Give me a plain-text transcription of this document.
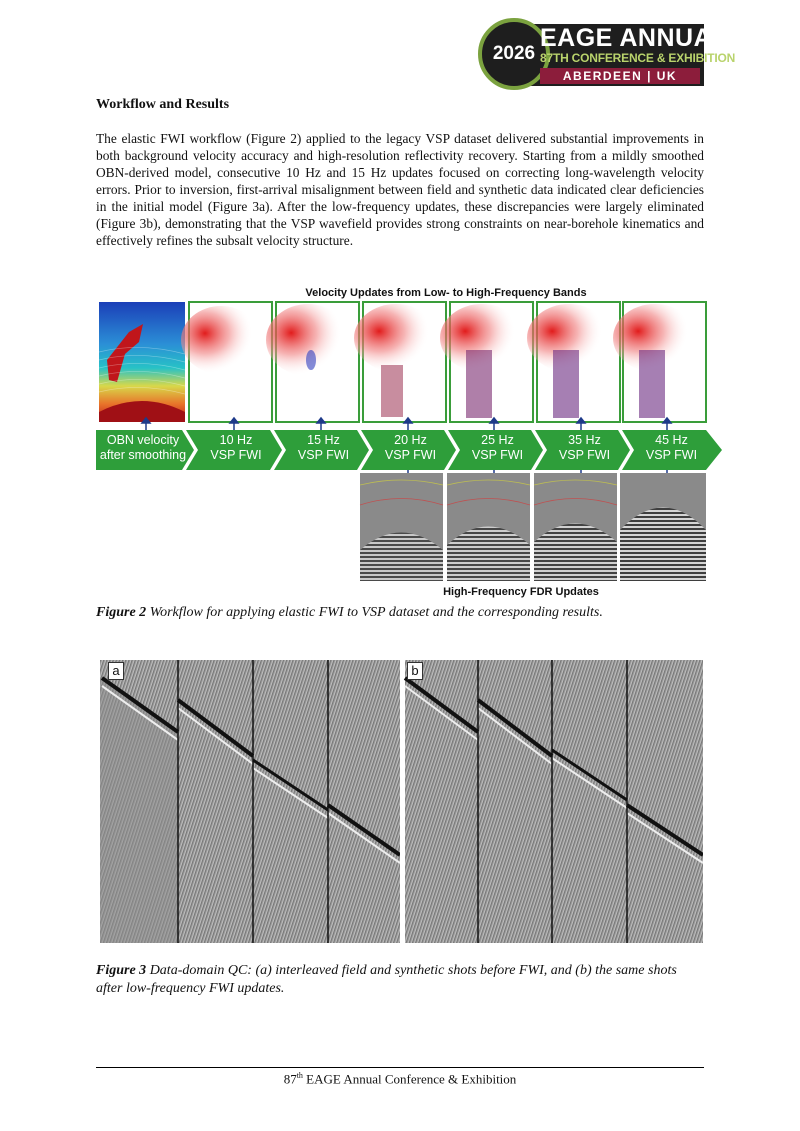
2026
EAGE ANNUAL
87TH CONFERENCE & EXHIBITION
ABERDEEN | UK
Workflow and Results

The elastic FWI workflow (Figure 2) applied to the legacy VSP dataset delivered substantial improvements in both background velocity accuracy and high-resolution reflectivity recovery. Starting from a mildly smoothed OBN-derived model, consecutive 10 Hz and 15 Hz updates focused on correcting long-wavelength velocity errors. Prior to inversion, first-arrival misalignment between field and synthetic data indicated clear deficiencies in the initial model (Figure 3a). After the low-frequency updates, these discrepancies were largely eliminated (Figure 3b), demonstrating that the VSP wavefield provides strong constraints on near-borehole kinematics and effectively refines the subsalt velocity structure.

Velocity Updates from Low- to High-Frequency Bands
OBN velocity
after smoothing
10 Hz
VSP FWI
15 Hz
VSP FWI
20 Hz
VSP FWI
25 Hz
VSP FWI
35 Hz
VSP FWI
45 Hz
VSP FWI
High-Frequency FDR Updates
Figure 2 Workflow for applying elastic FWI to VSP dataset and the corresponding results.
a	b

Figure 3 Data-domain QC: (a) interleaved field and synthetic shots before FWI, and (b) the same shots after low-frequency FWI updates.

87th EAGE Annual Conference & Exhibition
